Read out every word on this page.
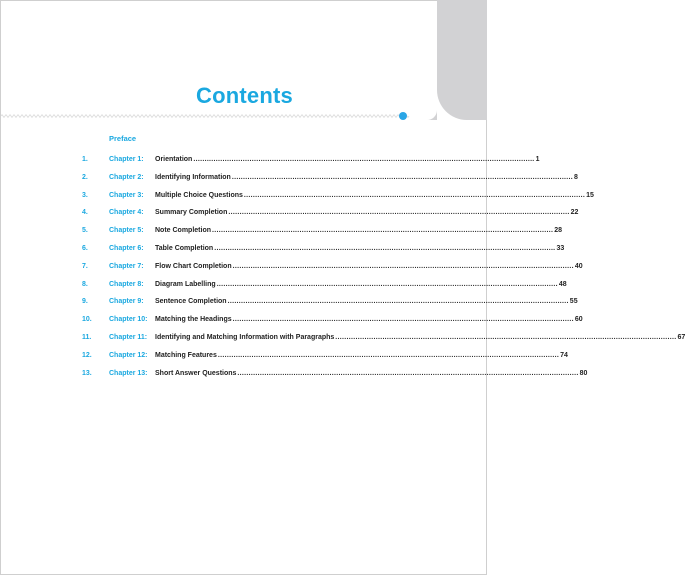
Contents
Preface
1.	Chapter 1: Orientation ........................................................................................................................................................ 1
2.	Chapter 2: Identifying Information ........................................................................................................................................................ 8
3.	Chapter 3: Multiple Choice Questions ........................................................................................................................................................ 15
4.	Chapter 4: Summary Completion ........................................................................................................................................................ 22
5.	Chapter 5: Note Completion ........................................................................................................................................................ 28
6.	Chapter 6: Table Completion ........................................................................................................................................................ 33
7.	Chapter 7: Flow Chart Completion ........................................................................................................................................................ 40
8.	Chapter 8: Diagram Labelling ........................................................................................................................................................ 48
9.	Chapter 9: Sentence Completion ........................................................................................................................................................ 55
10. Chapter 10: Matching the Headings ........................................................................................................................................................ 60
11.	Chapter 11: Identifying and Matching Information with Paragraphs ........................................................................................................................................................ 67
12. Chapter 12: Matching Features ........................................................................................................................................................ 74
13. Chapter 13: Short Answer Questions ........................................................................................................................................................ 80
